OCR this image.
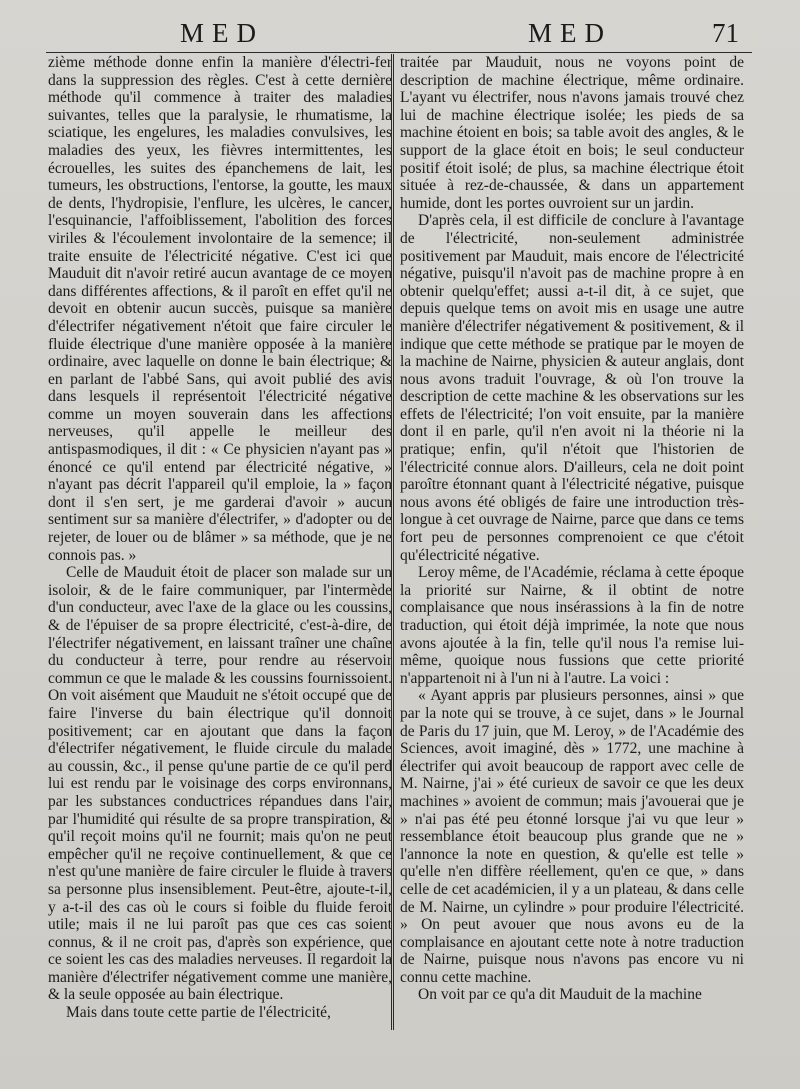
MED	MED	71

zième méthode donne enfin la manière d'électri-fer dans la suppression des règles. C'est à cette dernière méthode qu'il commence à traiter des maladies suivantes, telles que la paralysie, le rhumatisme, la sciatique, les engelures, les maladies convulsives, les maladies des yeux, les fièvres intermittentes, les écrouelles, les suites des épanchemens de lait, les tumeurs, les obstructions, l'entorse, la goutte, les maux de dents, l'hydropisie, l'enflure, les ulcères, le cancer, l'esquinancie, l'affoiblissement, l'abolition des forces viriles & l'écoulement involontaire de la semence; il traite ensuite de l'électricité négative. C'est ici que Mauduit dit n'avoir retiré aucun avantage de ce moyen dans différentes affections, & il paroît en effet qu'il ne devoit en obtenir aucun succès, puisque sa manière d'électrifer négativement n'étoit que faire circuler le fluide électrique d'une manière opposée à la manière ordinaire, avec laquelle on donne le bain électrique; & en parlant de l'abbé Sans, qui avoit publié des avis dans lesquels il représentoit l'électricité négative comme un moyen souverain dans les affections nerveuses, qu'il appelle le meilleur des antispasmodiques, il dit : « Ce physicien n'ayant pas » énoncé ce qu'il entend par électricité négative, » n'ayant pas décrit l'appareil qu'il emploie, la » façon dont il s'en sert, je me garderai d'avoir » aucun sentiment sur sa manière d'électrifer, » d'adopter ou de rejeter, de louer ou de blâmer » sa méthode, que je ne connois pas. »

Celle de Mauduit étoit de placer son malade sur un isoloir, & de le faire communiquer, par l'intermède d'un conducteur, avec l'axe de la glace ou les coussins, & de l'épuiser de sa propre électricité, c'est-à-dire, de l'électrifer négativement, en laissant traîner une chaîne du conducteur à terre, pour rendre au réservoir commun ce que le malade & les coussins fournissoient. On voit aisément que Mauduit ne s'étoit occupé que de faire l'inverse du bain électrique qu'il donnoit positivement; car en ajoutant que dans la façon d'électrifer négativement, le fluide circule du malade au coussin, &c., il pense qu'une partie de ce qu'il perd lui est rendu par le voisinage des corps environnans, par les substances conductrices répandues dans l'air, par l'humidité qui résulte de sa propre transpiration, & qu'il reçoit moins qu'il ne fournit; mais qu'on ne peut empêcher qu'il ne reçoive continuellement, & que ce n'est qu'une manière de faire circuler le fluide à travers sa personne plus insensiblement. Peut-être, ajoute-t-il, y a-t-il des cas où le cours si foible du fluide feroit utile; mais il ne lui paroît pas que ces cas soient connus, & il ne croit pas, d'après son expérience, que ce soient les cas des maladies nerveuses. Il regardoit la manière d'électrifer négativement comme une manière, & la seule opposée au bain électrique.

Mais dans toute cette partie de l'électricité,

traitée par Mauduit, nous ne voyons point de description de machine électrique, même ordinaire. L'ayant vu électrifer, nous n'avons jamais trouvé chez lui de machine électrique isolée; les pieds de sa machine étoient en bois; sa table avoit des angles, & le support de la glace étoit en bois; le seul conducteur positif étoit isolé; de plus, sa machine électrique étoit située à rez-de-chaussée, & dans un appartement humide, dont les portes ouvroient sur un jardin.

D'après cela, il est difficile de conclure à l'avantage de l'électricité, non-seulement administrée positivement par Mauduit, mais encore de l'électricité négative, puisqu'il n'avoit pas de machine propre à en obtenir quelqu'effet; aussi a-t-il dit, à ce sujet, que depuis quelque tems on avoit mis en usage une autre manière d'électrifer négativement & positivement, & il indique que cette méthode se pratique par le moyen de la machine de Nairne, physicien & auteur anglais, dont nous avons traduit l'ouvrage, & où l'on trouve la description de cette machine & les observations sur les effets de l'électricité; l'on voit ensuite, par la manière dont il en parle, qu'il n'en avoit ni la théorie ni la pratique; enfin, qu'il n'étoit que l'historien de l'électricité connue alors. D'ailleurs, cela ne doit point paroître étonnant quant à l'électricité négative, puisque nous avons été obligés de faire une introduction très-longue à cet ouvrage de Nairne, parce que dans ce tems fort peu de personnes comprenoient ce que c'étoit qu'électricité négative.

Leroy même, de l'Académie, réclama à cette époque la priorité sur Nairne, & il obtint de notre complaisance que nous insérassions à la fin de notre traduction, qui étoit déjà imprimée, la note que nous avons ajoutée à la fin, telle qu'il nous l'a remise lui-même, quoique nous fussions que cette priorité n'appartenoit ni à l'un ni à l'autre. La voici :

« Ayant appris par plusieurs personnes, ainsi » que par la note qui se trouve, à ce sujet, dans » le Journal de Paris du 17 juin, que M. Leroy, » de l'Académie des Sciences, avoit imaginé, dès » 1772, une machine à électrifer qui avoit beaucoup de rapport avec celle de M. Nairne, j'ai » été curieux de savoir ce que les deux machines » avoient de commun; mais j'avouerai que je » n'ai pas été peu étonné lorsque j'ai vu que leur » ressemblance étoit beaucoup plus grande que ne » l'annonce la note en question, & qu'elle est telle » qu'elle n'en diffère réellement, qu'en ce que, » dans celle de cet académicien, il y a un plateau, & dans celle de M. Nairne, un cylindre » pour produire l'électricité. » On peut avouer que nous avons eu de la complaisance en ajoutant cette note à notre traduction de Nairne, puisque nous n'avons pas encore vu ni connu cette machine.

On voit par ce qu'a dit Mauduit de la machine
